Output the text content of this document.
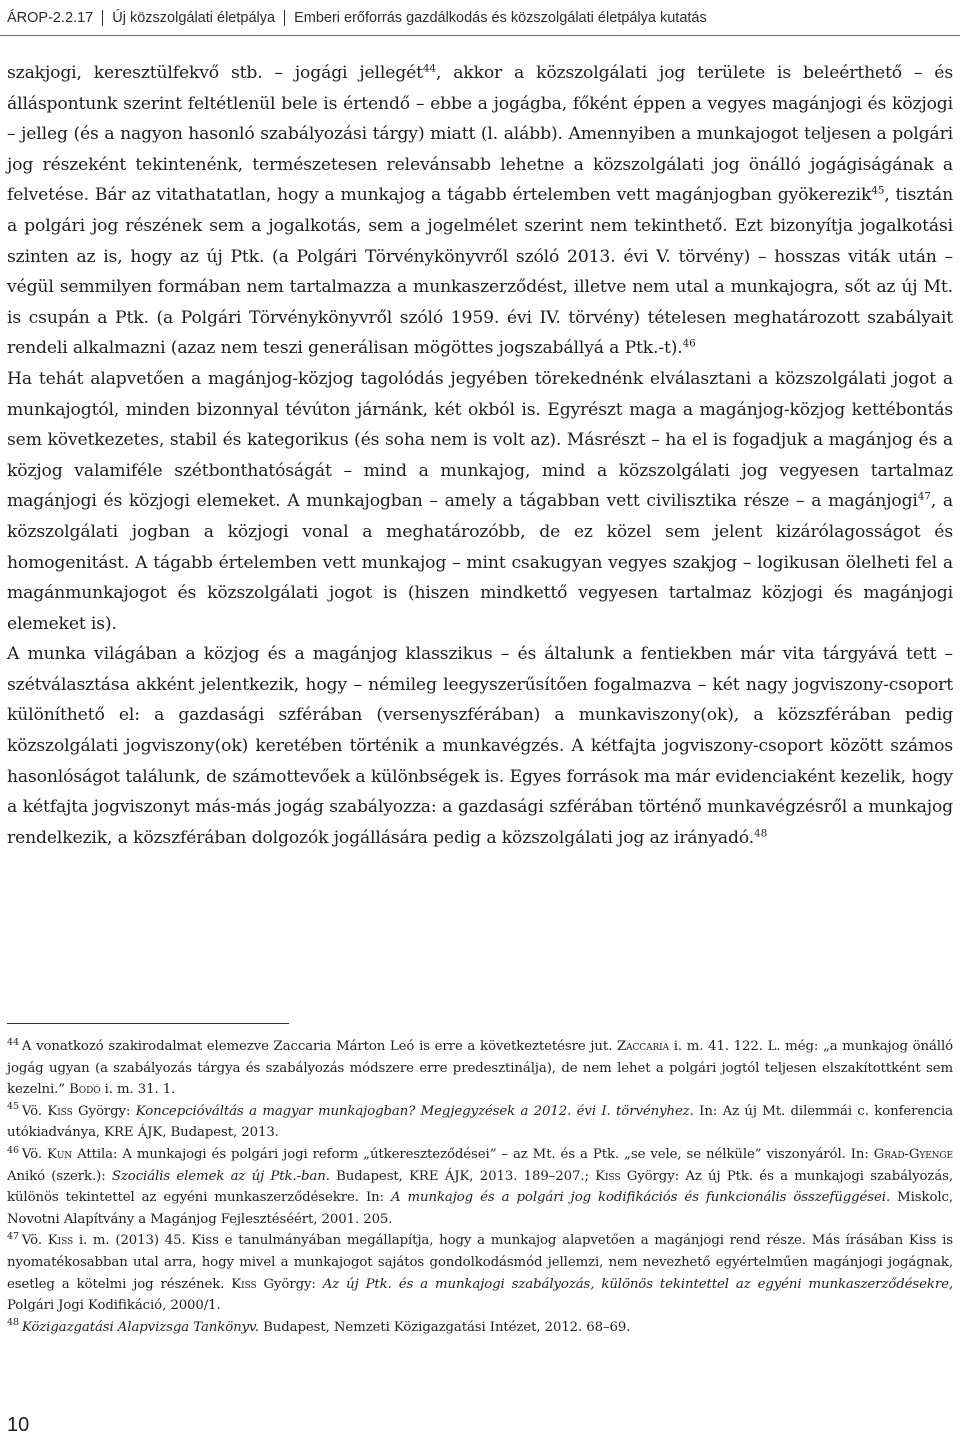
ÁROP-2.2.17 Új közszolgálati életpálya Emberi erőforrás gazdálkodás és közszolgálati életpálya kutatás

szakjogi, keresztülfekvő stb. – jogági jellegét$^{44}$, akkor a közszolgálati jog területe is beleérthető – és álláspontunk szerint feltétlenül bele is értendő – ebbe a jogágba, főként éppen a vegyes magánjogi és közjogi – jelleg (és a nagyon hasonló szabályozási tárgy) miatt (l. alább). Amennyiben a munkajogot teljesen a polgári jog részeként tekintenénk, természetesen relevánsabb lehetne a közszolgálati jog önálló jogágiságának a felvetése. Bár az vitathatatlan, hogy a munkajog a tágabb értelemben vett magánjogban gyökerezik$^{45}$, tisztán a polgári jog részének sem a jogalkotás, sem a jogelmélet szerint nem tekinthető. Ezt bizonyítja jogalkotási szinten az is, hogy az új Ptk. (a Polgári Törvénykönyvről szóló 2013. évi V. törvény) – hosszas viták után – végül semmilyen formában nem tartalmazza a munkaszerződést, illetve nem utal a munkajogra, sőt az új Mt. is csupán a Ptk. (a Polgári Törvénykönyvről szóló 1959. évi IV. törvény) tételesen meghatározott szabályait rendeli alkalmazni (azaz nem teszi generálisan mögöttes jogszabállyá a Ptk.-t).$^{46}$

Ha tehát alapvetően a magánjog-közjog tagolódás jegyében törekednénk elválasztani a közszolgálati jogot a munkajogtól, minden bizonnyal tévúton járnánk, két okból is. Egyrészt maga a magánjog-közjog kettébontás sem következetes, stabil és kategorikus (és soha nem is volt az). Másrészt – ha el is fogadjuk a magánjog és a közjog valamiféle szétbonthatóságát – mind a munkajog, mind a közszolgálati jog vegyesen tartalmaz magánjogi és közjogi elemeket. A munkajogban – amely a tágabban vett civilisztika része – a magánjogi$^{47}$, a közszolgálati jogban a közjogi vonal a meghatározóbb, de ez közel sem jelent kizárólagosságot és homogenitást. A tágabb értelemben vett munkajog – mint csakugyan vegyes szakjog – logikusan ölelheti fel a magánmunkajogot és közszolgálati jogot is (hiszen mindkettő vegyesen tartalmaz közjogi és magánjogi elemeket is).

A munka világában a közjog és a magánjog klasszikus – és általunk a fentiekben már vita tárgyává tett – szétválasztása akként jelentkezik, hogy – némileg leegyszerűsítően fogalmazva – két nagy jogviszony-csoport különíthető el: a gazdasági szférában (versenyszférában) a munkaviszony(ok), a közszférában pedig közszolgálati jogviszony(ok) keretében történik a munkavégzés. A kétfajta jogviszony-csoport között számos hasonlóságot találunk, de számottevőek a különbségek is. Egyes források ma már evidenciaként kezelik, hogy a kétfajta jogviszonyt más-más jogág szabályozza: a gazdasági szférában történő munkavégzésről a munkajog rendelkezik, a közszférában dolgozók jogállására pedig a közszolgálati jog az irányadó.$^{48}$

$^{44}$ A vonatkozó szakirodalmat elemezve Zaccaria Márton Leó is erre a következtetésre jut. Zaccaria i. m. 41. 122. L. még: „a munkajog önálló jogág ugyan (a szabályozás tárgya és szabályozás módszere erre predesztinálja), de nem lehet a polgári jogtól teljesen elszakítottként sem kezelni.” Bodó i. m. 31. 1.

$^{45}$ Vö. Kiss György: Koncepcióváltás a magyar munkajogban? Megjegyzések a 2012. évi I. törvényhez. In: Az új Mt. dilemmái c. konferencia utókiadványa, KRE ÁJK, Budapest, 2013.

$^{46}$ Vö. Kun Attila: A munkajogi és polgári jogi reform „útkereszteződései” – az Mt. és a Ptk. „se vele, se nélküle” viszonyáról. In: Grad-Gyenge Anikó (szerk.): Szociális elemek az új Ptk.-ban. Budapest, KRE ÁJK, 2013. 189–207.; Kiss György: Az új Ptk. és a munkajogi szabályozás, különös tekintettel az egyéni munkaszerződésekre. In: A munkajog és a polgári jog kodifikációs és funkcionális összefüggései. Miskolc, Novotni Alapítvány a Magánjog Fejlesztéséért, 2001. 205.

$^{47}$ Vö. Kiss i. m. (2013) 45. Kiss e tanulmányában megállapítja, hogy a munkajog alapvetően a magánjogi rend része. Más írásában Kiss is nyomatékosabban utal arra, hogy mivel a munkajogot sajátos gondolkodásmód jellemzi, nem nevezhető egyértelműen magánjogi jogágnak, esetleg a kötelmi jog részének. Kiss György: Az új Ptk. és a munkajogi szabályozás, különös tekintettel az egyéni munkaszerződésekre, Polgári Jogi Kodifikáció, 2000/1.

$^{48}$ Közigazgatási Alapvizsga Tankönyv. Budapest, Nemzeti Közigazgatási Intézet, 2012. 68–69.

10
